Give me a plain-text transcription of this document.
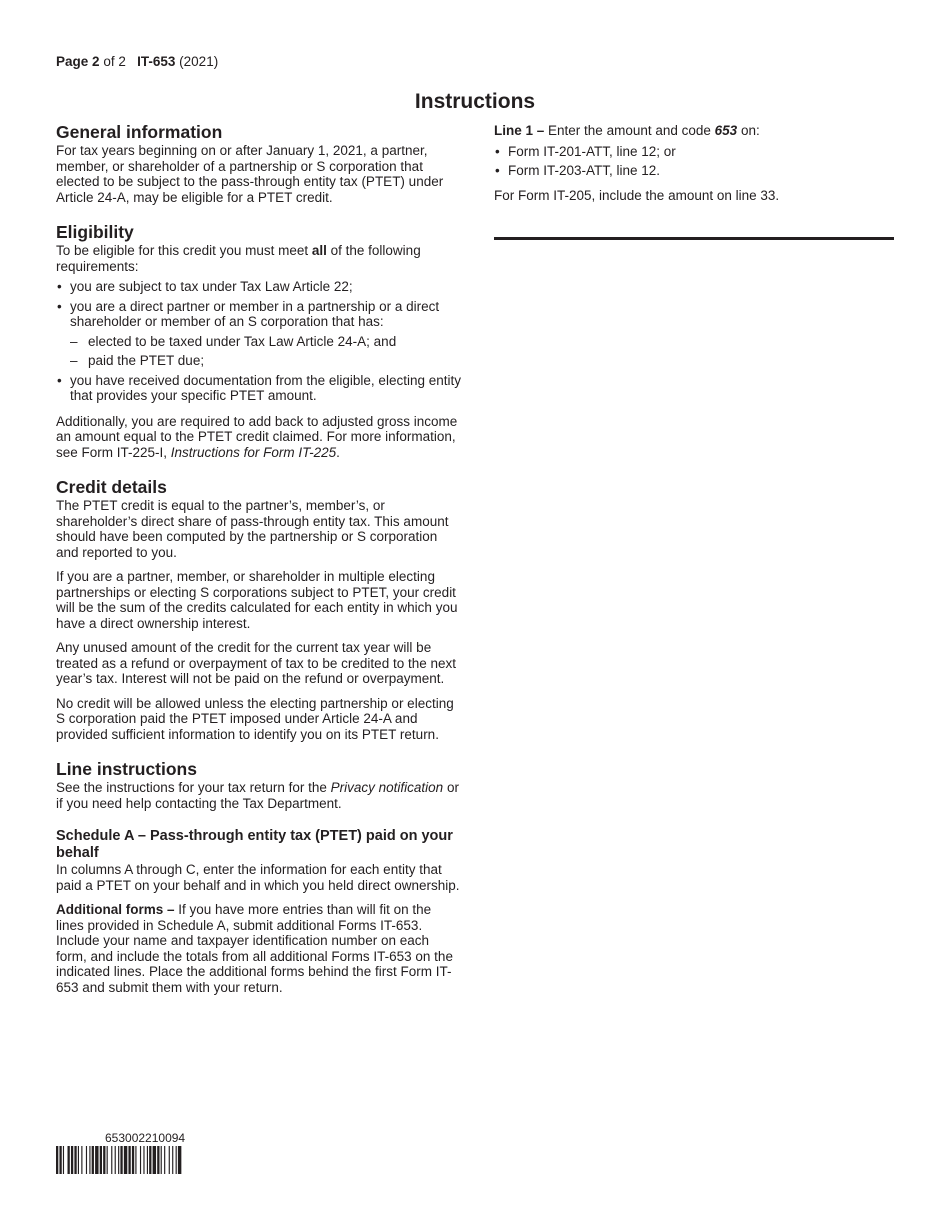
Page 2 of 2 IT-653 (2021)
Instructions
General information

For tax years beginning on or after January 1, 2021, a partner, member, or shareholder of a partnership or S corporation that elected to be subject to the pass-through entity tax (PTET) under Article 24-A, may be eligible for a PTET credit.

Eligibility

To be eligible for this credit you must meet all of the following requirements:

• you are subject to tax under Tax Law Article 22;
• you are a direct partner or member in a partnership or a direct shareholder or member of an S corporation that has:
– elected to be taxed under Tax Law Article 24-A; and
– paid the PTET due;
• you have received documentation from the eligible, electing entity that provides your specific PTET amount.

Additionally, you are required to add back to adjusted gross income an amount equal to the PTET credit claimed. For more information, see Form IT-225-I, Instructions for Form IT-225.

Credit details

The PTET credit is equal to the partner’s, member’s, or shareholder’s direct share of pass-through entity tax. This amount should have been computed by the partnership or S corporation and reported to you.

If you are a partner, member, or shareholder in multiple electing partnerships or electing S corporations subject to PTET, your credit will be the sum of the credits calculated for each entity in which you have a direct ownership interest.

Any unused amount of the credit for the current tax year will be treated as a refund or overpayment of tax to be credited to the next year’s tax. Interest will not be paid on the refund or overpayment.

No credit will be allowed unless the electing partnership or electing S corporation paid the PTET imposed under Article 24-A and provided sufficient information to identify you on its PTET return.

Line instructions

See the instructions for your tax return for the Privacy notification or if you need help contacting the Tax Department.

Schedule A – Pass-through entity tax (PTET) paid on your behalf

In columns A through C, enter the information for each entity that paid a PTET on your behalf and in which you held direct ownership.

Additional forms – If you have more entries than will fit on the lines provided in Schedule A, submit additional Forms IT-653. Include your name and taxpayer identification number on each form, and include the totals from all additional Forms IT-653 on the indicated lines. Place the additional forms behind the first Form IT-653 and submit them with your return.

Line 1 – Enter the amount and code 653 on:

• Form IT-201-ATT, line 12; or
• Form IT-203-ATT, line 12.

For Form IT-205, include the amount on line 33.

653002210094
